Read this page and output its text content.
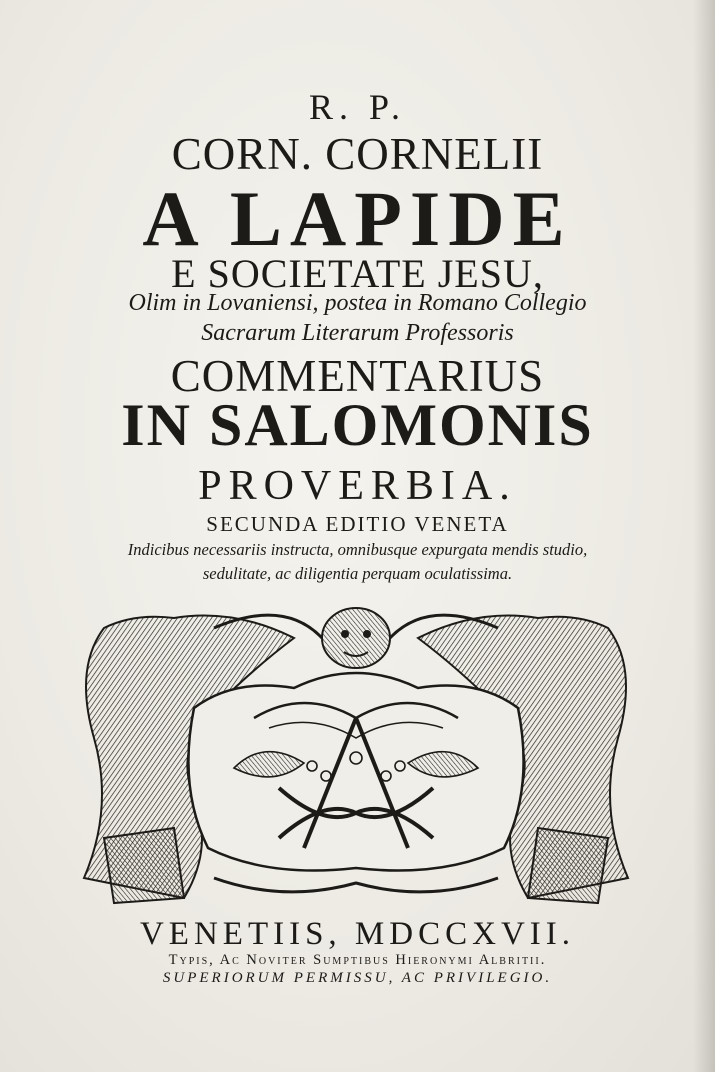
R. P.
CORN. CORNELII
A LAPIDE
E SOCIETATE JESU,
Olim in Lovaniensi, postea in Romano Collegio
Sacrarum Literarum Professoris
COMMENTARIUS
IN SALOMONIS
PROVERBIA.
SECUNDA EDITIO VENETA
Indicibus necessariis instructa, omnibusque expurgata mendis studio,
sedulitate, ac diligentia perquam oculatissima.
VENETIIS, MDCCXVII.
Typis, Ac Noviter Sumptibus Hieronymi Albritii.
SUPERIORUM PERMISSU, AC PRIVILEGIO.
